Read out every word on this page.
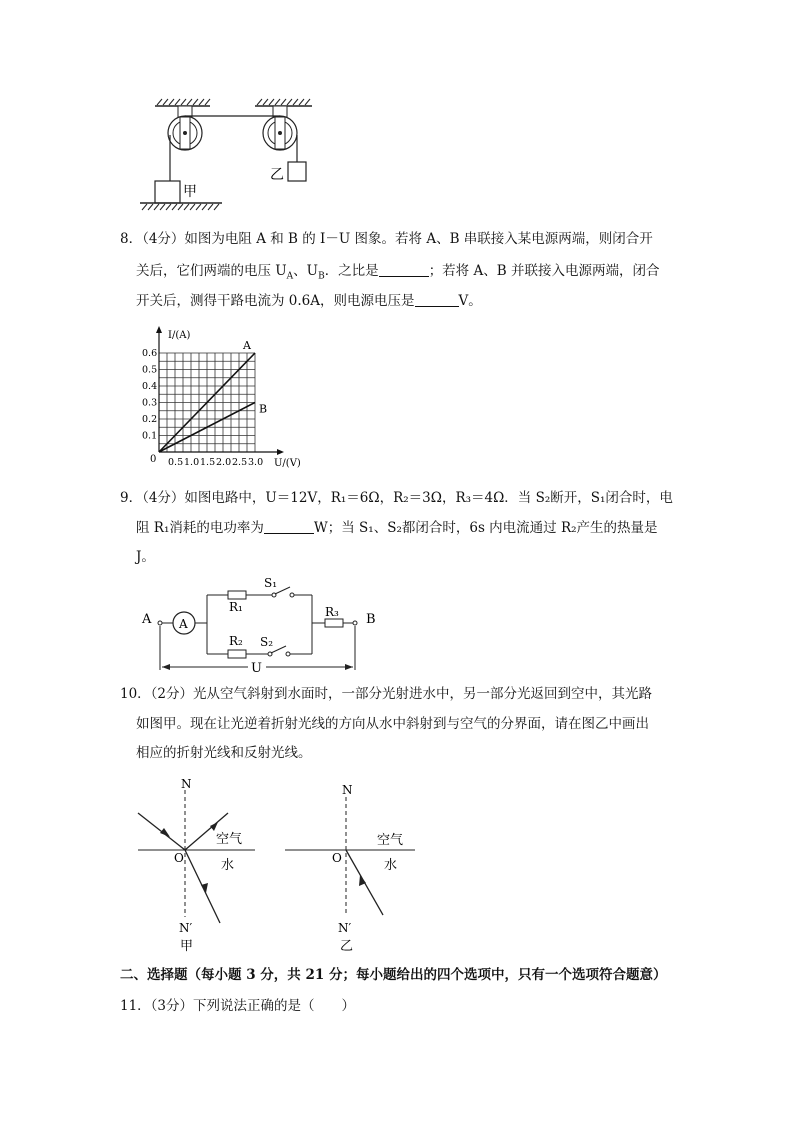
甲
乙
8．（4分）如图为电阻 A 和 B 的 I－U 图象。若将 A、B 串联接入某电源两端，则闭合开
关后，它们两端的电压 $U_A$、$U_B$．之比是	；若将 A、B 并联接入电源两端，闭合
开关后，测得干路电流为 0.6A，则电源电压是	V。
0.5 1.0 1.5 2.0 2.5 3.0
0.1
0.2
0.3
0.4
0.5
0.6
0
I/(A)
U/(V)
A
B
9．（4分）如图电路中，U＝12V，R₁＝6Ω，R₂＝3Ω，R₃＝4Ω．当 S₂断开，S₁闭合时，电
阻 R₁消耗的电功率为	W；当 S₁、S₂都闭合时，6s 内电流通过 R₂产生的热量是
J。
A A
R₁
S₁
R₂ S₂
R₃ B
U
10．（2分）光从空气斜射到水面时，一部分光射进水中，另一部分光返回到空中，其光路
如图甲。现在让光逆着折射光线的方向从水中斜射到与空气的分界面，请在图乙中画出
相应的折射光线和反射光线。
N
空气
O	水
N′
甲
N
空气
O	水
N′
乙
二、选择题（每小题 3 分，共 21 分；每小题给出的四个选项中，只有一个选项符合题意）
11．（3分）下列说法正确的是（　　）
